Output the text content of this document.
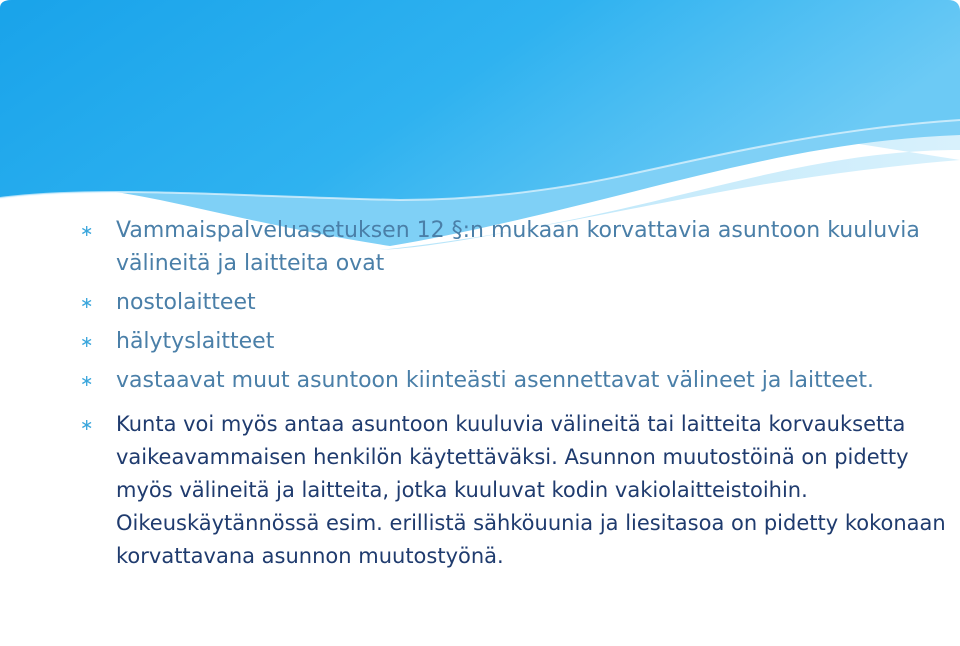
∗ Vammaispalveluasetuksen 12 §:n mukaan korvattavia asuntoon kuuluvia välineitä ja laitteita ovat
∗ nostolaitteet
∗ hälytyslaitteet
∗ vastaavat muut asuntoon kiinteästi asennettavat välineet ja laitteet.
∗ Kunta voi myös antaa asuntoon kuuluvia välineitä tai laitteita korvauksetta vaikeavammaisen henkilön käytettäväksi. Asunnon muutostöinä on pidetty myös välineitä ja laitteita, jotka kuuluvat kodin vakiolaitteistoihin. Oikeuskäytännössä esim. erillistä sähköuunia ja liesitasoa on pidetty kokonaan korvattavana asunnon muutostyönä.
